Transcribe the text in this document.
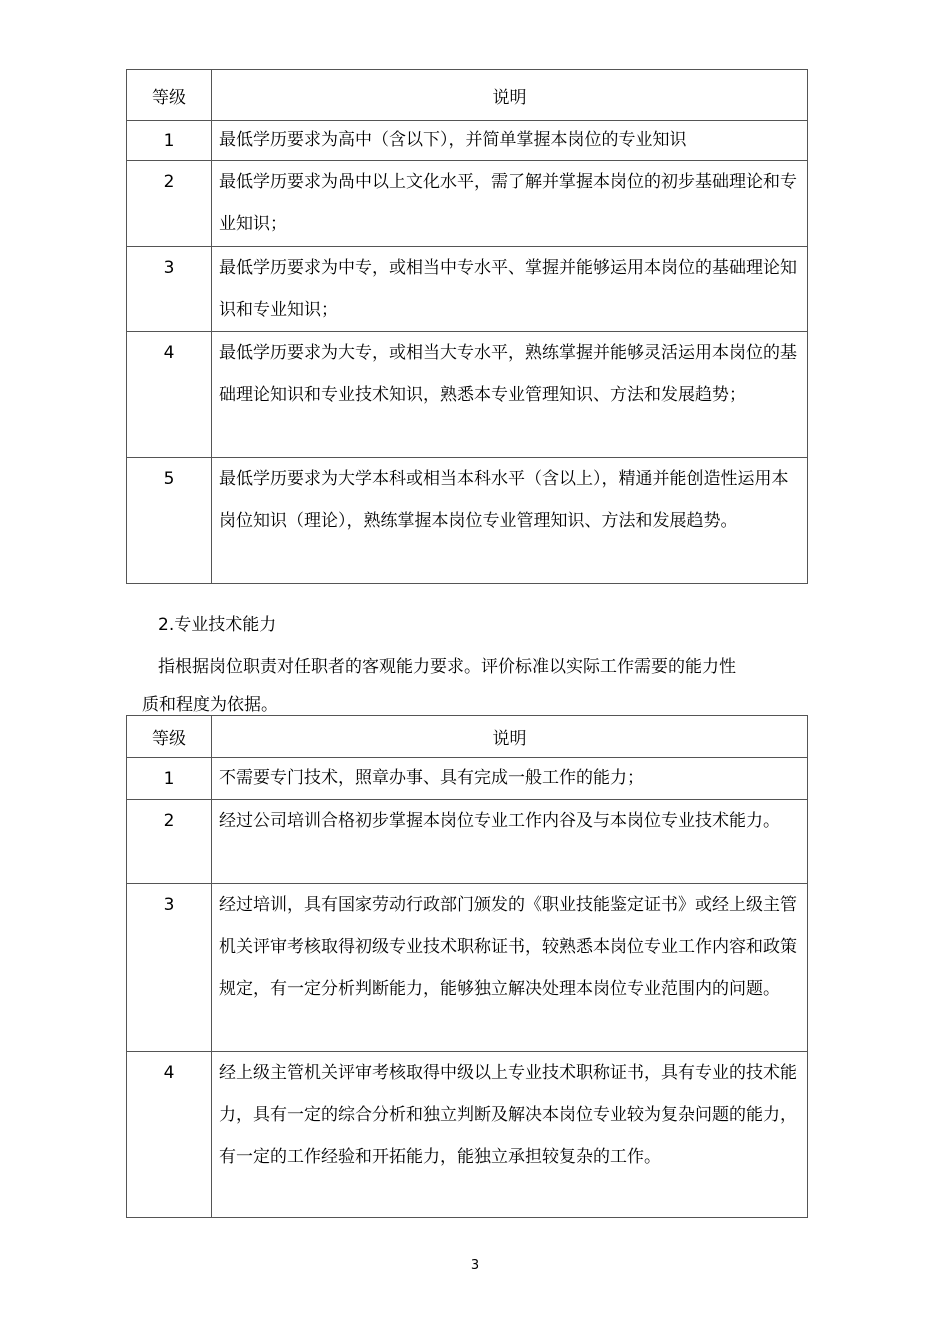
等级	说明
1	最低学历要求为高中（含以下），并简单掌握本岗位的专业知识

2	最低学历要求为咼中以上文化水平，需了解并掌握本岗位的初步基础理论和专业知识；

3	最低学历要求为中专，或相当中专水平、掌握并能够运用本岗位的基础理论知识和专业知识；

4	最低学历要求为大专，或相当大专水平，熟练掌握并能够灵活运用本岗位的基础理论知识和专业技术知识，熟悉本专业管理知识、方法和发展趋势；

5	最低学历要求为大学本科或相当本科水平（含以上），精通并能创造性运用本岗位知识（理论），熟练掌握本岗位专业管理知识、方法和发展趋势。
2.专业技术能力
指根据岗位职责对任职者的客观能力要求。评价标准以实际工作需要的能力性
质和程度为依据。
等级	说明
1	不需要专门技术，照章办事、具有完成一般工作的能力；

2	经过公司培训合格初步掌握本岗位专业工作内谷及与本岗位专业技术能力。

3	经过培训，具有国家劳动行政部门颁发的《职业技能鉴定证书》或经上级主管机关评审考核取得初级专业技术职称证书，较熟悉本岗位专业工作内容和政策规定，有一定分析判断能力，能够独立解决处理本岗位专业范围内的问题。

4	经上级主管机关评审考核取得中级以上专业技术职称证书，具有专业的技术能力，具有一定的综合分析和独立判断及解决本岗位专业较为复杂问题的能力，有一定的工作经验和开拓能力，能独立承担较复杂的工作。
3
